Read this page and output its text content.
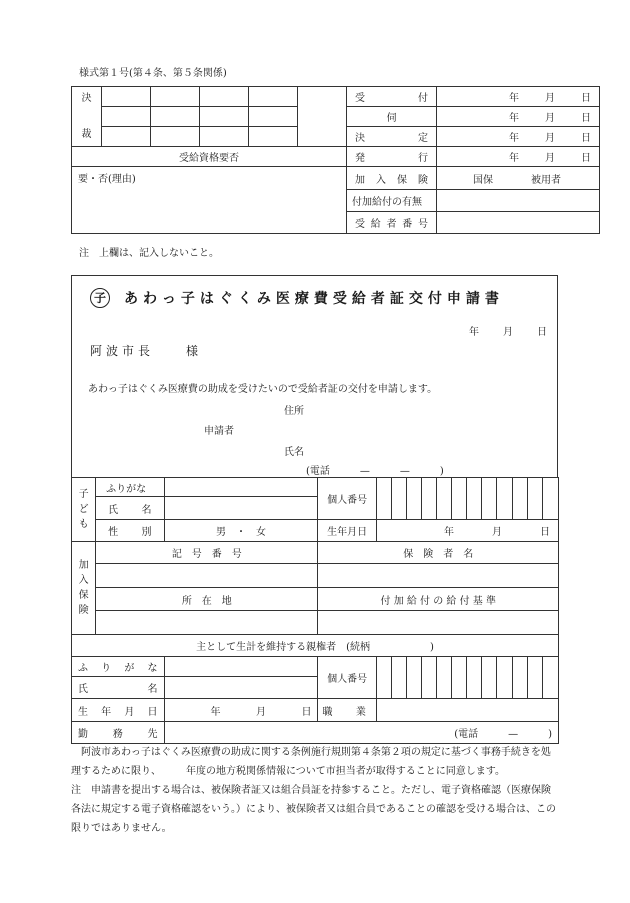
様式第１号(第４条、第５条関係)
決

裁						受 付	年 月 日

						伺	年 月 日

						決 定	年 月 日

受給資格要否						発 行	年 月 日

要・否(理由)						加 入 保 険	国保 被用者

						付加給付の有無	

						受 給 者 番 号	

注　上欄は、記入しないこと。
子 あわっ子はぐくみ医療費受給者証交付申請書
年 月 日
阿波市長　　様
あわっ子はぐくみ医療費の助成を受けたいので受給者証の交付を申請します。
住所
申請者
氏名
(電話　　　—　　　—　　　)
子
ど
も	ふりがな		個人番号												

	氏 名														

	性 別	男　・　女	生年月日	年 月 日											

加
入
保
険	記　号　番　号		保　険　者　名												

	所　在　地		付 加 給 付 の 給 付 基 準												

主として生計を維持する親権者　(続柄　　　　　　)															

ふ り が な			個人番号												

氏 名															

生 年 月 日		年 月 日	職 業												

勤 務 先		(電話　　　—　　　)													

　阿波市あわっ子はぐくみ医療費の助成に関する条例施行規則第４条第２項の規定に基づく事務手続きを処理するために限り、　　　年度の地方税関係情報について市担当者が取得することに同意します。

注　申請書を提出する場合は、被保険者証又は組合員証を持参すること。ただし、電子資格確認（医療保険各法に規定する電子資格確認をいう。）により、被保険者又は組合員であることの確認を受ける場合は、この限りではありません。
